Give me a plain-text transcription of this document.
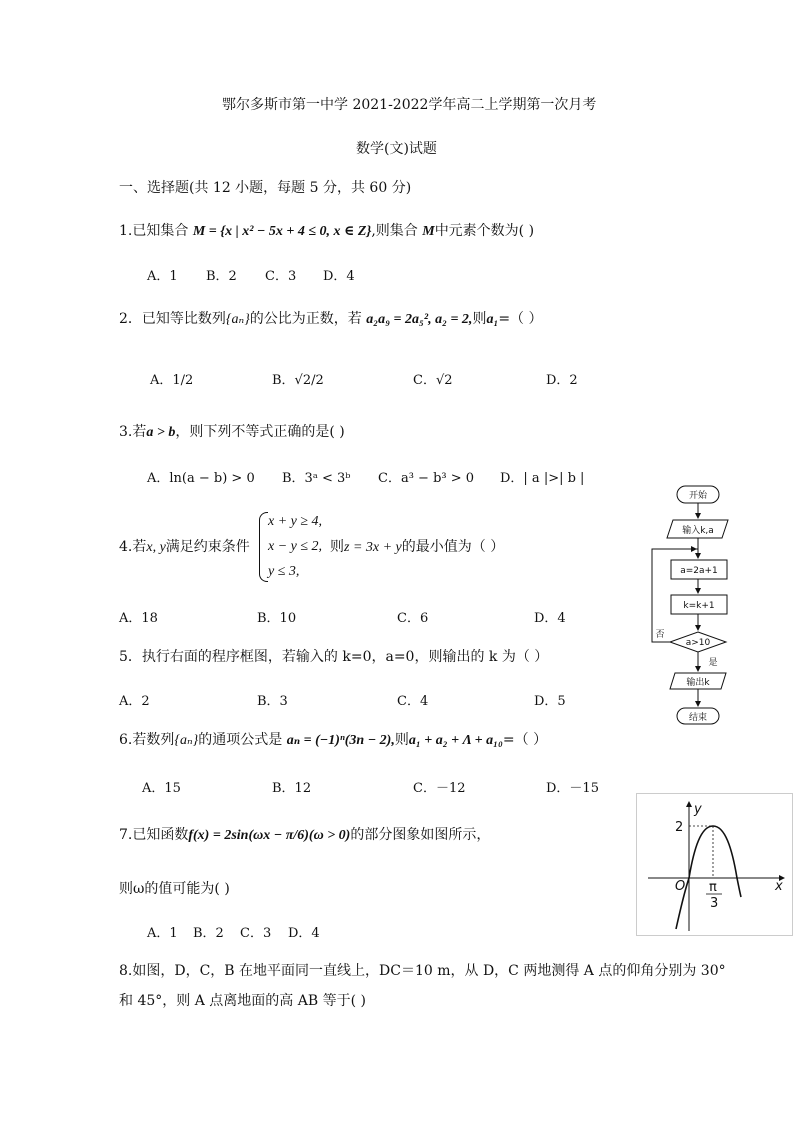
鄂尔多斯市第一中学 2021-2022学年高二上学期第一次月考
数学(文)试题
一、选择题(共 12 小题，每题 5 分，共 60 分)
1.已知集合 M = {x | x² − 5x + 4 ≤ 0, x ∈ Z},则集合 M中元素个数为( )
A．1 B．2 C．3 D．4
2．已知等比数列{aₙ}的公比为正数，若 a₂a₉ = 2a₅², a₂ = 2,则a₁=（ ）
A．1/2	B．√2/2	C．√2	D．2
3.若a > b，则下列不等式正确的是( )
A．ln(a − b) > 0 B．3ᵃ < 3ᵇ C．a³ − b³ > 0 D．| a |>| b |
4.若x, y满足约束条件
x + y ≥ 4,
x − y ≤ 2,
y ≤ 3,
则z = 3x + y的最小值为（ ）
A．18	B．10	C．6	D．4
5．执行右面的程序框图，若输入的 k=0，a=0，则输出的 k 为（ ）
A．2	B．3	C．4	D．5
6.若数列{aₙ}的通项公式是 aₙ = (−1)ⁿ(3n − 2),则a₁ + a₂ + Λ + a₁₀=（ ）
A．15	B．12	C．－12	D．－15
7.已知函数f(x) = 2sin(ωx − π/6)(ω > 0)的部分图象如图所示，
则ω的值可能为( )
A．1 B．2 C．3 D．4
8.如图，D，C，B 在地平面同一直线上，DC＝10 m，从 D，C 两地测得 A 点的仰角分别为 30°
和 45°，则 A 点离地面的高 AB 等于( )
开始
输入k,a
a=2a+1
k=k+1
a>10
否
是
输出k
结束
y
x
O
2
π
3
